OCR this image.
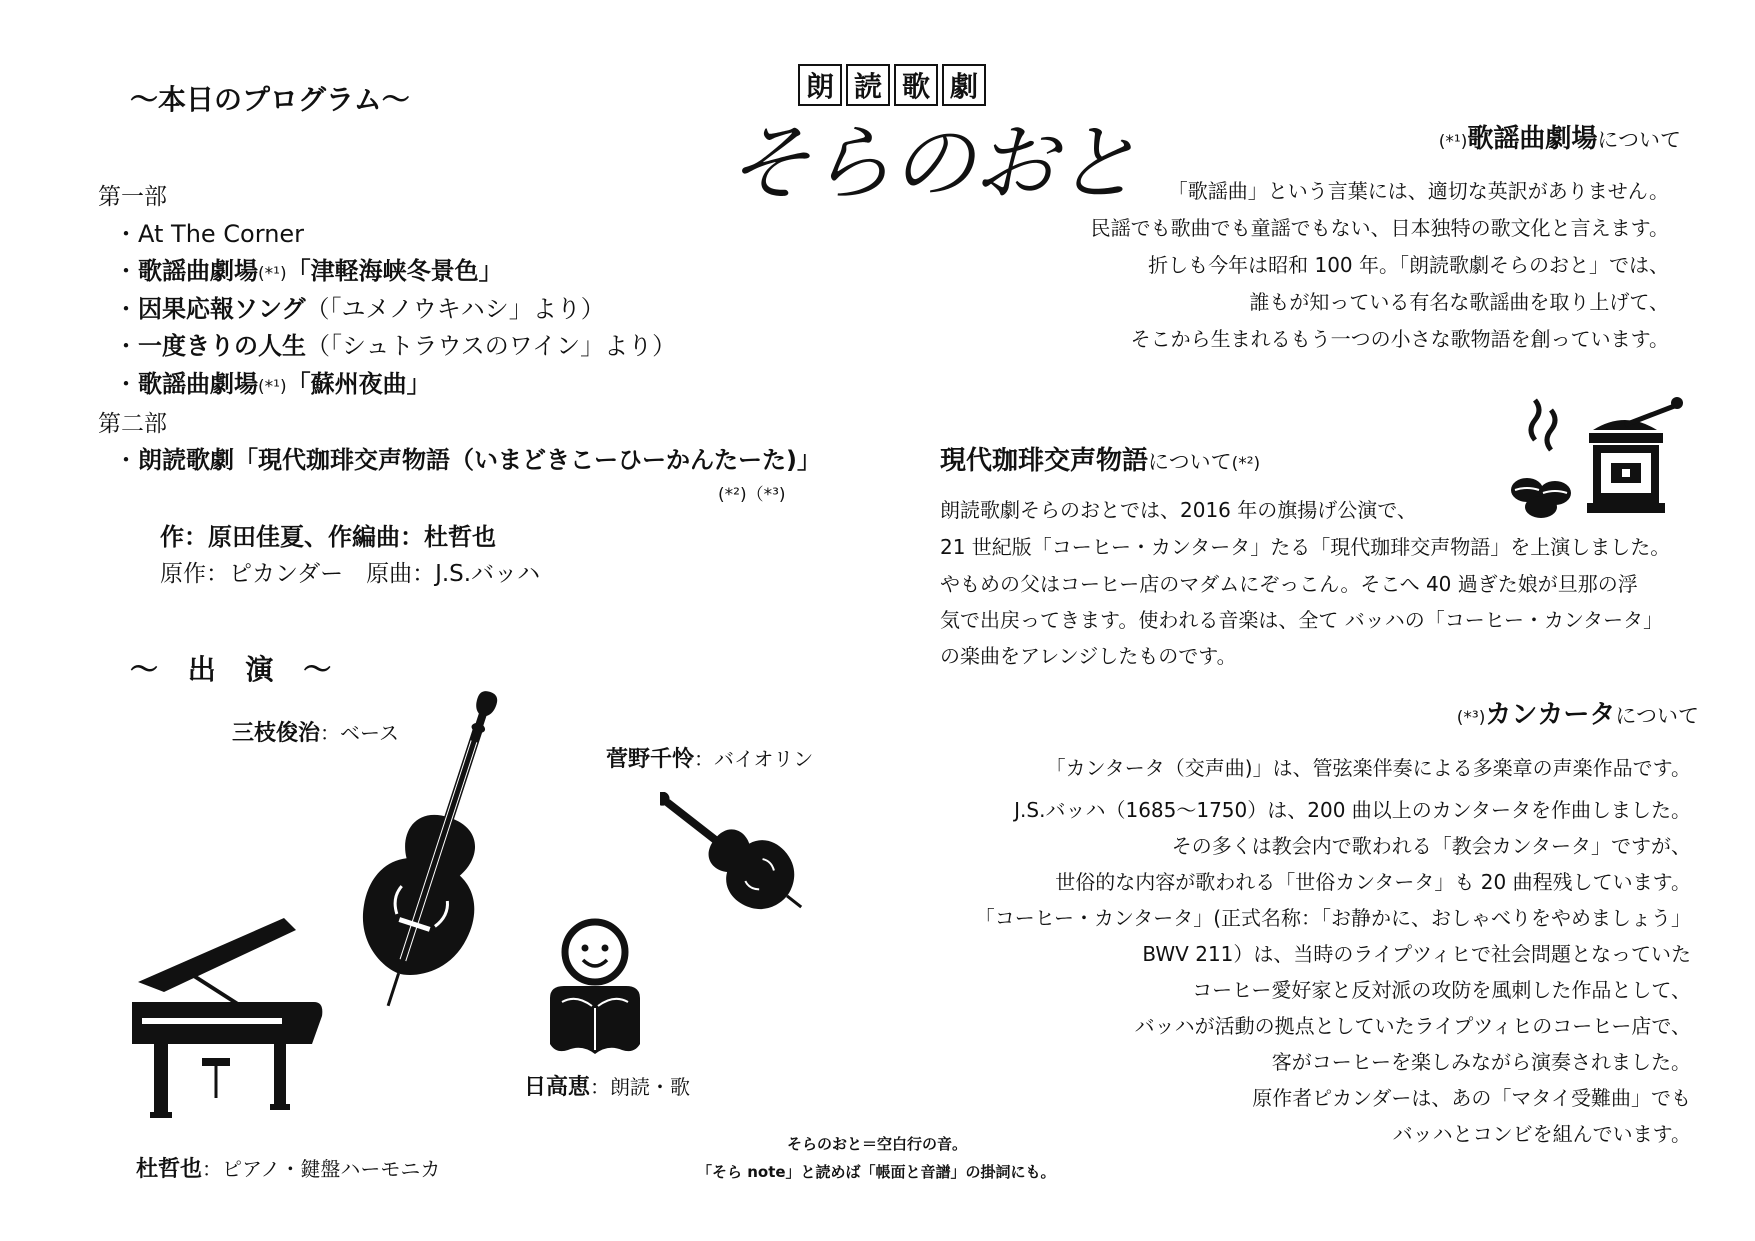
〜本日のプログラム〜
第一部
・At The Corner
・歌謡曲劇場(*¹)「津軽海峡冬景色」
・因果応報ソング（「ユメノウキハシ」より）
・一度きりの人生（「シュトラウスのワイン」より）
・歌謡曲劇場(*¹)「蘇州夜曲」
第二部
・朗読歌劇「現代珈琲交声物語（いまどきこーひーかんたーた)」
(*²)（*³)
作：原田佳夏、作編曲：杜哲也
原作：ピカンダー　原曲：J.S.バッハ
〜 出 演 〜
朗 読 歌 劇
そらのおと	(*¹)歌謡曲劇場について
「歌謡曲」という言葉には、適切な英訳がありません。
民謡でも歌曲でも童謡でもない、日本独特の歌文化と言えます。
折しも今年は昭和 100 年。「朗読歌劇そらのおと」では、
誰もが知っている有名な歌謡曲を取り上げて、
そこから生まれるもう一つの小さな歌物語を創っています。
現代珈琲交声物語について(*²)
朗読歌劇そらのおとでは、2016 年の旗揚げ公演で、
21 世紀版「コーヒー・カンタータ」たる「現代珈琲交声物語」を上演しました。
やもめの父はコーヒー店のマダムにぞっこん。そこへ 40 過ぎた娘が旦那の浮
気で出戻ってきます。使われる音楽は、全て バッハの「コーヒー・カンタータ」
の楽曲をアレンジしたものです。
(*³)カンカータについて
「カンタータ（交声曲)」は、管弦楽伴奏による多楽章の声楽作品です。
J.S.バッハ（1685〜1750）は、200 曲以上のカンタータを作曲しました。
その多くは教会内で歌われる「教会カンタータ」ですが、
世俗的な内容が歌われる「世俗カンタータ」も 20 曲程残しています。
「コーヒー・カンタータ」(正式名称：「お静かに、おしゃべりをやめましょう」
BWV 211）は、当時のライプツィヒで社会問題となっていた
コーヒー愛好家と反対派の攻防を風刺した作品として、
バッハが活動の拠点としていたライプツィヒのコーヒー店で、
客がコーヒーを楽しみながら演奏されました。
原作者ピカンダーは、あの「マタイ受難曲」でも
バッハとコンビを組んでいます。
三枝俊治：ベース
菅野千怜：バイオリン
日高恵：朗読・歌
杜哲也：ピアノ・鍵盤ハーモニカ
そらのおと＝空白行の音。
「そら note」と読めば「帳面と音譜」の掛詞にも。
